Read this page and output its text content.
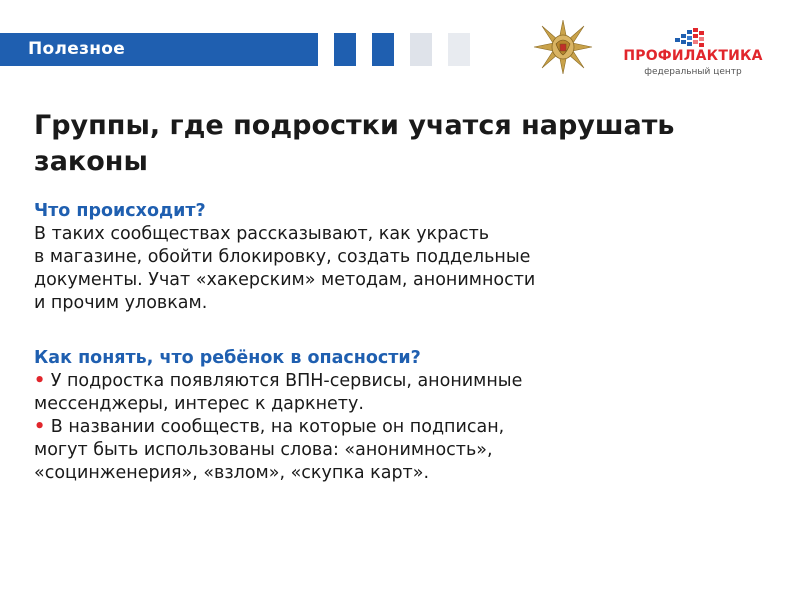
Полезное	ПРОФИЛАКТИКА
федеральный центр
Группы, где подростки учатся нарушать
законы

Что происходит?

В таких сообществах рассказывают, как украсть

в магазине, обойти блокировку, создать поддельные

документы. Учат «хакерским» методам, анонимности

и прочим уловкам.

Как понять, что ребёнок в опасности?

• У подростка появляются ВПН-сервисы, анонимные

мессенджеры, интерес к даркнету.

• В названии сообществ, на которые он подписан,

могут быть использованы слова: «анонимность»,

«социнженерия», «взлом», «скупка карт».
